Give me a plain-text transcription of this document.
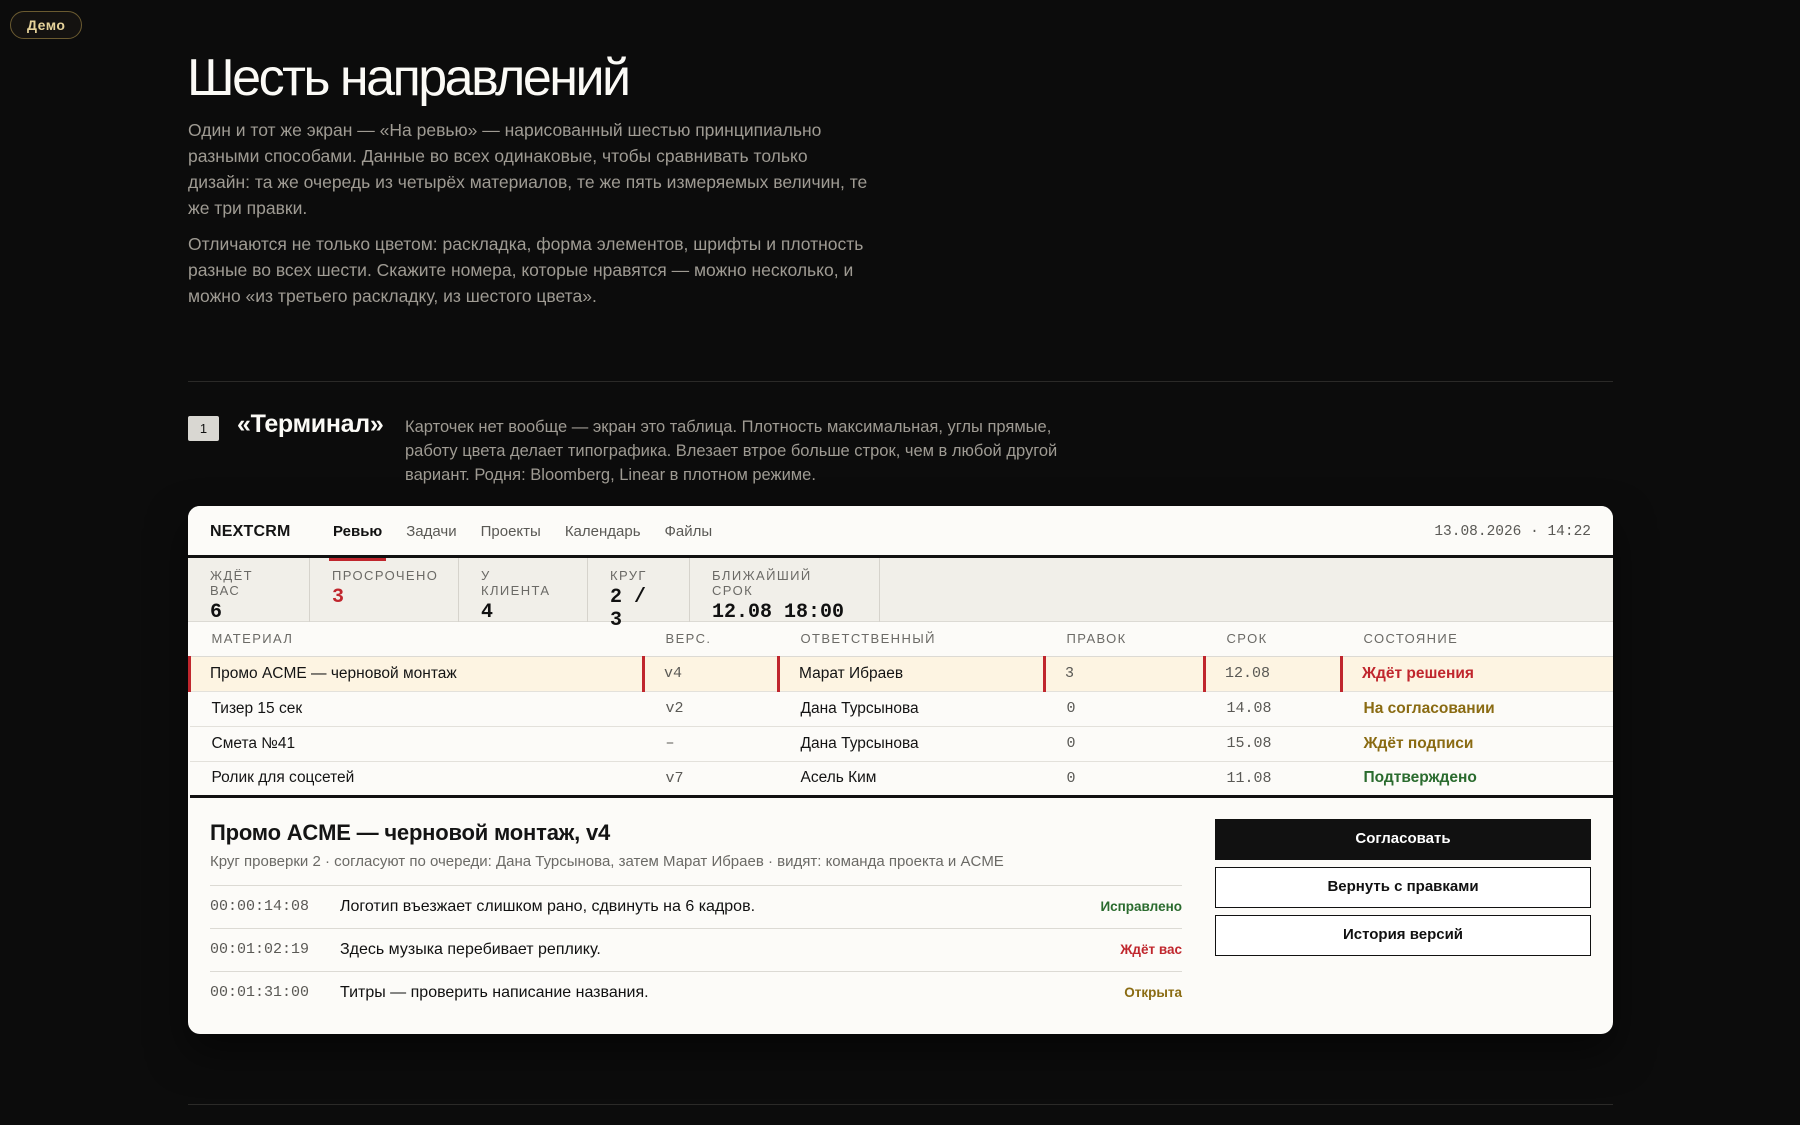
Демо
Шесть направлений

Один и тот же экран — «На ревью» — нарисованный шестью принципиально разными способами. Данные во всех одинаковые, чтобы сравнивать только дизайн: та же очередь из четырёх материалов, те же пять измеряемых величин, те же три правки.

Отличаются не только цветом: раскладка, форма элементов, шрифты и плотность разные во всех шести. Скажите номера, которые нравятся — можно несколько, и можно «из третьего раскладку, из шестого цвета».

1	«Терминал» Карточек нет вообще — экран это таблица. Плотность максимальная, углы прямые, работу цвета делает типографика. Влезает втрое больше строк, чем в любой другой вариант. Родня: Bloomberg, Linear в плотном режиме.
NEXTCRM	Ревью	Задачи	Проекты	Календарь	Файлы	13.08.2026 · 14:22
ЖДЁТ ВАС
6
ПРОСРОЧЕНО
3
У КЛИЕНТА
4
КРУГ
2 / 3
БЛИЖАЙШИЙ СРОК
12.08 18:00
МАТЕРИАЛ	ВЕРС.	ОТВЕТСТВЕННЫЙ	ПРАВОК	СРОК	СОСТОЯНИЕ
Промо ACME — черновой монтаж	v4	Марат Ибраев	3	12.08	Ждёт решения
Тизер 15 сек	v2	Дана Турсынова	0	14.08	На согласовании
Смета №41	–	Дана Турсынова	0	15.08	Ждёт подписи
Ролик для соцсетей	v7	Асель Ким	0	11.08	Подтверждено
Промо ACME — черновой монтаж, v4
Круг проверки 2 · согласуют по очереди: Дана Турсынова, затем Марат Ибраев · видят: команда проекта и ACME
00:00:14:08	Логотип въезжает слишком рано, сдвинуть на 6 кадров.	Исправлено
00:01:02:19	Здесь музыка перебивает реплику.	Ждёт вас
00:01:31:00	Титры — проверить написание названия.	Открыта
Согласовать
Вернуть с правками
История версий
